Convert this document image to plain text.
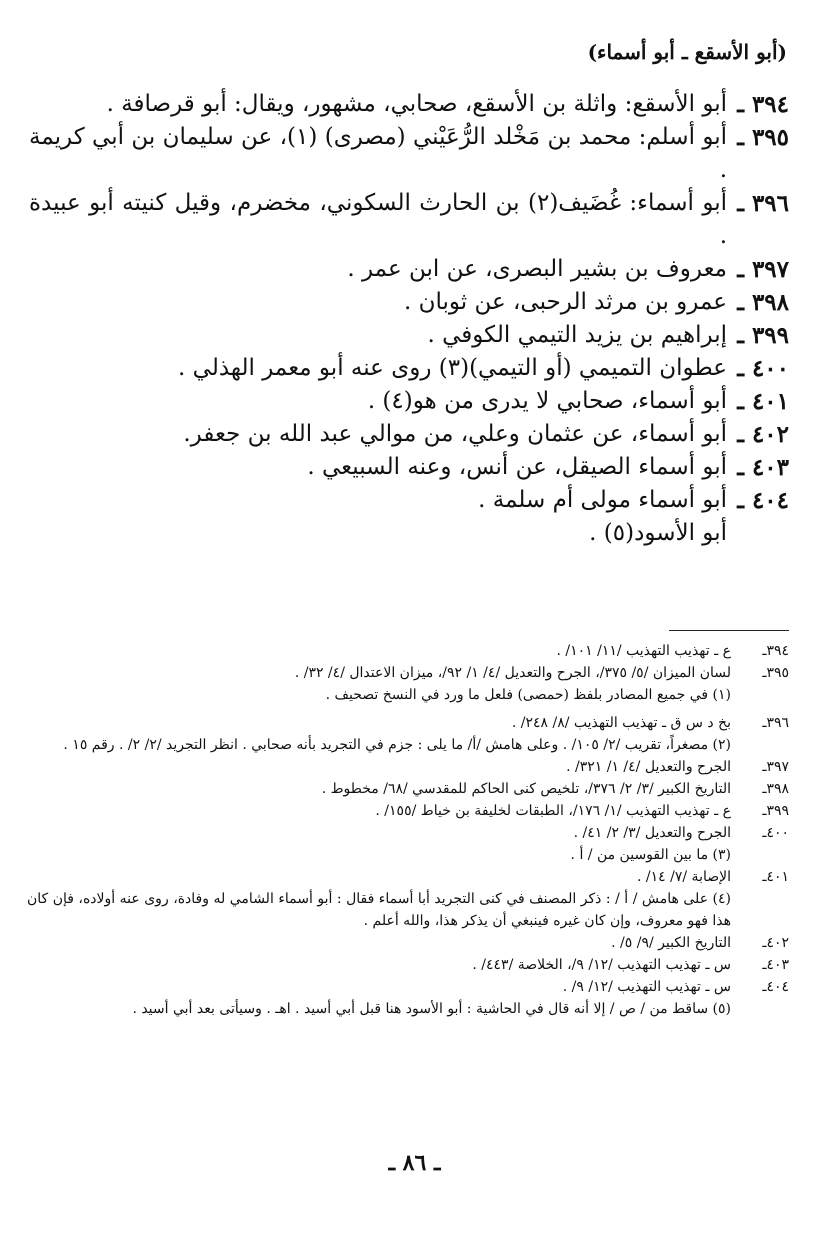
(أبو الأسقع ـ أبو أسماء)
٣٩٤ ـ
أبو الأسقع: واثلة بن الأسقع، صحابي، مشهور، ويقال: أبو قرصافة .
٣٩٥ ـ
أبو أسلم: محمد بن مَخْلد الرُّعَيْني (مصرى) (١)، عن سليمان بن أبي كريمة .
٣٩٦ ـ
أبو أسماء: غُضَيف(٢) بن الحارث السكوني، مخضرم، وقيل كنيته أبو عبيدة .
٣٩٧ ـ
معروف بن بشير البصرى، عن ابن عمر .
٣٩٨ ـ
عمرو بن مرثد الرحبى، عن ثوبان .
٣٩٩ ـ
إبراهيم بن يزيد التيمي الكوفي .
٤٠٠ ـ
عطوان التميمي (أو التيمي)(٣) روى عنه أبو معمر الهذلي .
٤٠١ ـ
أبو أسماء، صحابي لا يدرى من هو(٤) .
٤٠٢ ـ
أبو أسماء، عن عثمان وعلي، من موالي عبد الله بن جعفر.
٤٠٣ ـ
أبو أسماء الصيقل، عن أنس، وعنه السبيعي .
٤٠٤ ـ
أبو أسماء مولى أم سلمة .
أبو الأسود(٥) .
٣٩٤ـ
ع ـ تهذيب التهذيب /١١/ ١٠١/ .
٣٩٥ـ
لسان الميزان /٥/ ٣٧٥/، الجرح والتعديل /٤/ ١/ ٩٢/، ميزان الاعتدال /٤/ ٣٢/ .
(١) في جميع المصادر بلفظ (حمصى) فلعل ما ورد في النسخ تصحيف .
٣٩٦ـ
بخ د س ق ـ تهذيب التهذيب /٨/ ٢٤٨/ .
(٢) مصغراً، تقريب /٢/ ١٠٥/ . وعلى هامش /أ/ ما يلى : جزم في التجريد بأنه صحابي . انظر التجريد /٢/ ٢/ . رقم ١٥ .
٣٩٧ـ
الجرح والتعديل /٤/ ١/ ٣٢١/ .
٣٩٨ـ
التاريخ الكبير /٣/ ٢/ ٣٧٦/، تلخيص كنى الحاكم للمقدسي /٦٨/ مخطوط .
٣٩٩ـ
ع ـ تهذيب التهذيب /١/ ١٧٦/، الطبقات لخليفة بن خياط /١٥٥/ .
٤٠٠ـ
الجرح والتعديل /٣/ ٢/ ٤١/ .
(٣) ما بين القوسين من / أ .
٤٠١ـ
الإصابة /٧/ ١٤/ .
(٤) على هامش / أ / : ذكر المصنف في كنى التجريد أبا أسماء فقال : أبو أسماء الشامي له وفادة، روى عنه أولاده، فإن كان هذا فهو معروف، وإن كان غيره فينبغي أن يذكر هذا، والله أعلم .
٤٠٢ـ
التاريخ الكبير /٩/ ٥/ .
٤٠٣ـ
س ـ تهذيب التهذيب /١٢/ ٩/، الخلاصة /٤٤٣/ .
٤٠٤ـ
س ـ تهذيب التهذيب /١٢/ ٩/ .
(٥) ساقط من / ص / إلا أنه قال في الحاشية : أبو الأسود هنا قبل أبي أسيد . اهـ . وسيأتى بعد أبي أسيد .
ـ ٨٦ ـ
